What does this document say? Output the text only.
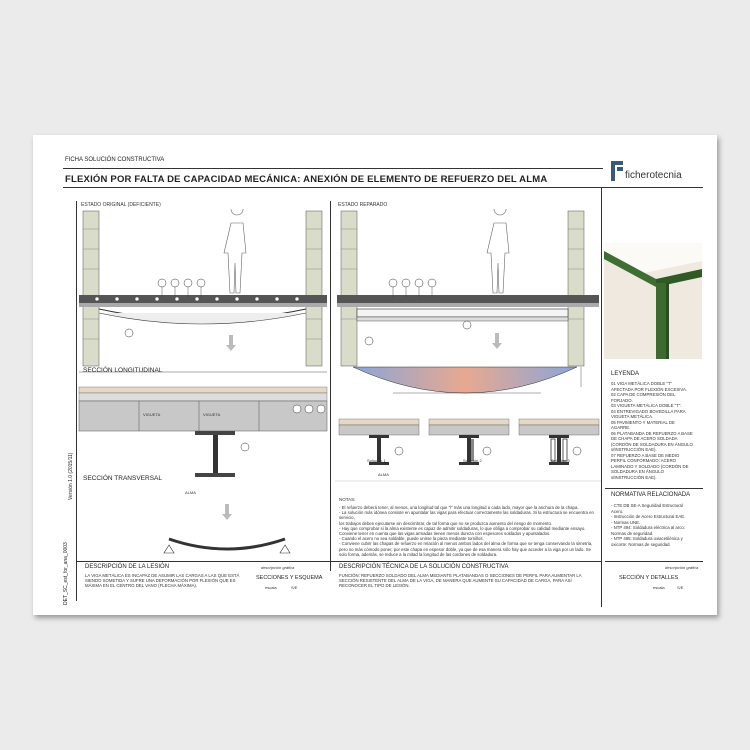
FICHA SOLUCIÓN CONSTRUCTIVA
FLEXIÓN POR FALTA DE CAPACIDAD MECÁNICA: ANEXIÓN DE ELEMENTO DE REFUERZO DEL ALMA	ficherotecnia
ESTADO ORIGINAL (DEFICIENTE)	ESTADO REPARADO
DET_SC_est_for_ana_0003
Versión 1.0 (2015/11)
SECCIÓN LONGITUDINAL
SECCIÓN TRANSVERSAL
VIGUETA	VIGUETA
ALMA
Solución 1	Solución 2	Solución 3
ALMA
NOTAS:
- El refuerzo deberá tener, al menos, una longitud tal que "l" más una longitud a cada lado, mayor que la anchura de la chapa.
- La solución más idónea consiste en apuntalar las vigas para efectuar correctamente las soldaduras. Si la estructura se encuentra en servicio,
los trabajos deben ejecutarse sin descimbrar, de tal forma que no se produzca aumento del riesgo de momento.
- Hay que comprobar si la alma existente es capaz de admitir soldaduras, lo que obliga a comprobar su calidad mediante ensayo.
Conviene tener en cuenta que las vigas armadas tienen menos dureza con espesores soldados y apuntalados.
- Cuando el acero no sea soldable, puede unirse la pieza mediante tornillos.
- Conviene cubrir las chapas de refuerzo en relación al menos ambos lados del alma de forma que se tenga conservando la simetría,
pero no más cómodo poner, por este chapa en espesor doble, ya que de esa manera sólo hay que acceder a la viga por un lado. Se
solo forma, además, se reduce a la mitad la longitud de las cordones de soldadura.
DESCRIPCIÓN DE LA LESIÓN
LA VIGA METÁLICA ES INCAPAZ DE ASUMIR LAS CARGAS A LAS QUE ESTÁ SIENDO SOMETIDA Y SUFRE UNA DEFORMACIÓN POR FLEXIÓN QUE ES MÁXIMA EN EL CENTRO DEL VANO (FLECHA MÁXIMA).
descripción gráfica
SECCIONES Y ESQUEMA
escala	S/E
DESCRIPCIÓN TÉCNICA DE LA SOLUCIÓN CONSTRUCTIVA
FUNCIÓN: REFUERZO SOLDADO DEL ALMA MEDIANTE PLATABANDAS O SECCIONES DE PERFIL PARA AUMENTAR LA SECCIÓN RESISTENTE DEL ALMA DE LA VIGA, DE MANERA QUE AUMENTE SU CAPACIDAD DE CARGA, PARA ASÍ RECONOCER EL TIPO DE LESIÓN.
LEYENDA
01 VIGA METÁLICA DOBLE "T" AFECTADA POR FLEXIÓN EXCESIVA.
02 CAPA DE COMPRESIÓN DEL FORJADO.
03 VIGUETA METÁLICA DOBLE "T".
04 ENTREVIGADO BOVEDILLA PARA VIGUETA METÁLICA.
05 PAVIMENTO Y MATERIAL DE AGARRE.
06 PLATABANDA DE REFUERZO A BASE DE CHAPA DE ACERO SOLDADA (CORDÓN DE SOLDADURA EN ÁNGULO s/INSTRUCCIÓN EAE).
07 REFUERZO A BASE DE MEDIO PERFIL CONFORMADO: ACERO LAMINADO Y SOLDADO (CORDÓN DE SOLDADURA EN ÁNGULO s/INSTRUCCIÓN EAE).
NORMATIVA RELACIONADA
- CTE DB SE-A Seguridad Estructural Acero.
- Instrucción de Acero Estructural EAE.
- Normas UNE.
- NTP 494: Soldadura eléctrica al arco: Normas de seguridad.
- NTP 495: Soldadura oxiacetilénica y oxicorte: Normas de seguridad.
descripción gráfica
SECCIÓN Y DETALLES
escala	S/E
